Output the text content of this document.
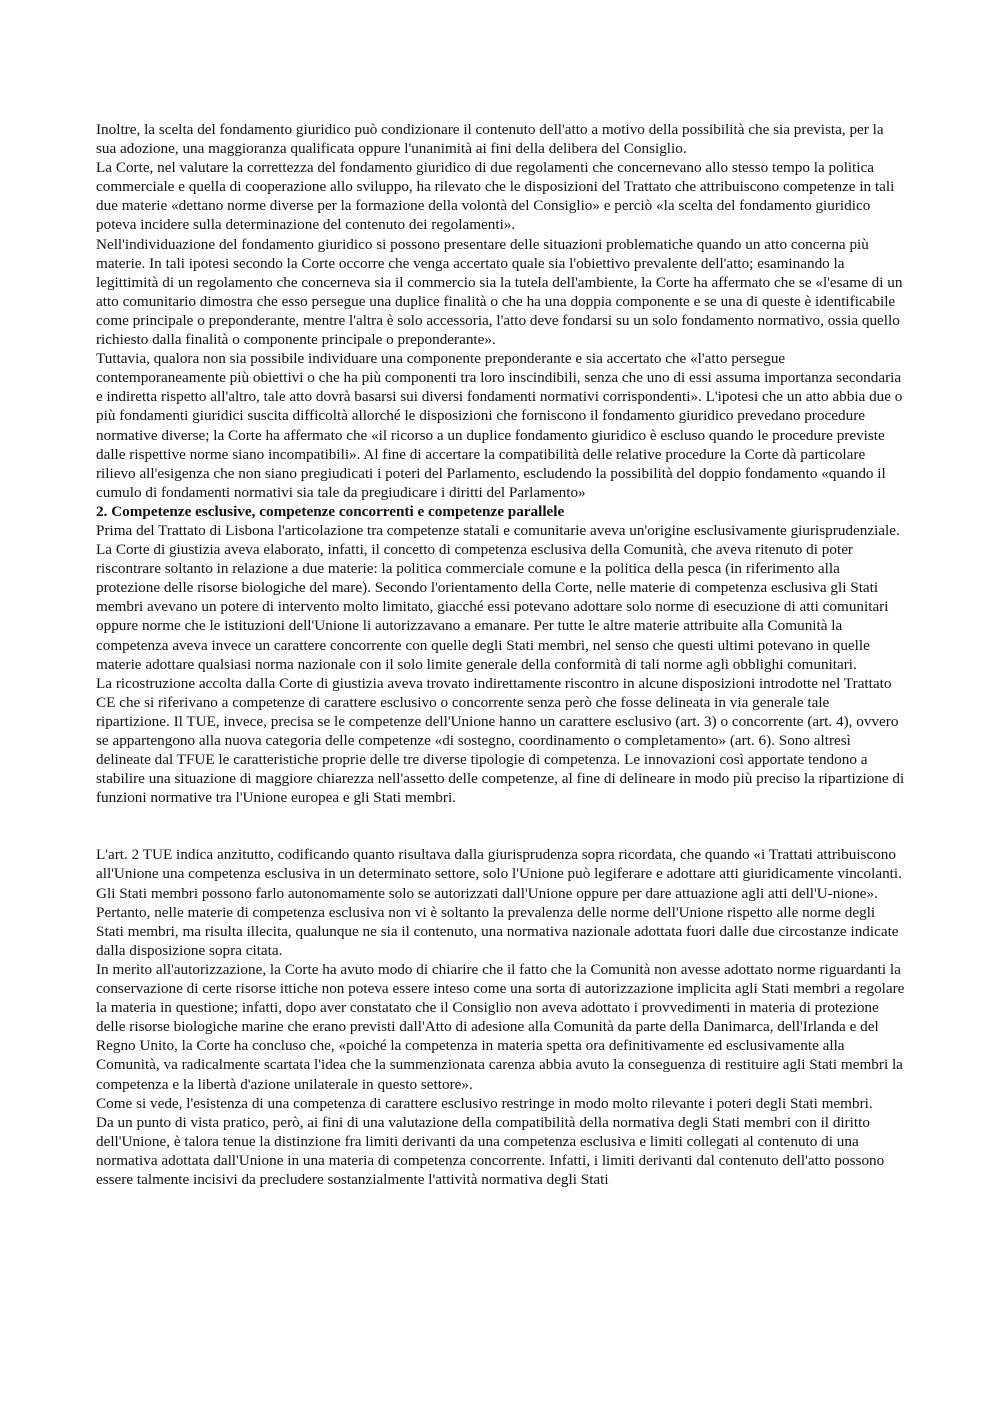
Inoltre, la scelta del fondamento giuridico può condizionare il contenuto dell'atto a motivo della possibilità che sia prevista, per la sua adozione, una maggioranza qualificata oppure l'unanimità ai fini della delibera del Consiglio.

La Corte, nel valutare la correttezza del fondamento giuridico di due regolamenti che concernevano allo stesso tempo la politica commerciale e quella di cooperazione allo sviluppo, ha rilevato che le disposizioni del Trattato che attribuiscono competenze in tali due materie «dettano norme diverse per la formazione della volontà del Consiglio» e perciò «la scelta del fondamento giuridico poteva incidere sulla determinazione del contenuto dei regolamenti».

Nell'individuazione del fondamento giuridico si possono presentare delle situazioni problematiche quando un atto concerna più materie. In tali ipotesi secondo la Corte occorre che venga accertato quale sia l'obiettivo prevalente dell'atto; esaminando la legittimità di un regolamento che concerneva sia il commercio sia la tutela dell'ambiente, la Corte ha affermato che se «l'esame di un atto comunitario dimostra che esso persegue una duplice finalità o che ha una doppia componente e se una di queste è identificabile come principale o preponderante, mentre l'altra è solo accessoria, l'atto deve fondarsi su un solo fondamento normativo, ossia quello richiesto dalla finalità o componente principale o preponderante».

Tuttavia, qualora non sia possibile individuare una componente preponderante e sia accertato che «l'atto persegue contemporaneamente più obiettivi o che ha più componenti tra loro inscindibili, senza che uno di essi assuma importanza secondaria e indiretta rispetto all'altro, tale atto dovrà basarsi sui diversi fondamenti normativi corrispondenti». L'ipotesi che un atto abbia due o più fondamenti giuridici suscita difficoltà allorché le disposizioni che forniscono il fondamento giuridico prevedano procedure normative diverse; la Corte ha affermato che «il ricorso a un duplice fondamento giuridico è escluso quando le procedure previste dalle rispettive norme siano incompatibili». Al fine di accertare la compatibilità delle relative procedure la Corte dà particolare rilievo all'esigenza che non siano pregiudicati i poteri del Parlamento, escludendo la possibilità del doppio fondamento «quando il cumulo di fondamenti normativi sia tale da pregiudicare i diritti del Parlamento»

2. Competenze esclusive, competenze concorrenti e competenze parallele

Prima del Trattato di Lisbona l'articolazione tra competenze statali e comunitarie aveva un'origine esclusivamente giurisprudenziale. La Corte di giustizia aveva elaborato, infatti, il concetto di competenza esclusiva della Comunità, che aveva ritenuto di poter riscontrare soltanto in relazione a due materie: la politica commerciale comune e la politica della pesca (in riferimento alla protezione delle risorse biologiche del mare). Secondo l'orientamento della Corte, nelle materie di competenza esclusiva gli Stati membri avevano un potere di intervento molto limitato, giacché essi potevano adottare solo norme di esecuzione di atti comunitari oppure norme che le istituzioni dell'Unione li autorizzavano a emanare. Per tutte le altre materie attribuite alla Comunità la competenza aveva invece un carattere concorrente con quelle degli Stati membri, nel senso che questi ultimi potevano in quelle materie adottare qualsiasi norma nazionale con il solo limite generale della conformità di tali norme agli obblighi comunitari.

La ricostruzione accolta dalla Corte di giustizia aveva trovato indirettamente riscontro in alcune disposizioni introdotte nel Trattato CE che si riferivano a competenze di carattere esclusivo o concorrente senza però che fosse delineata in via generale tale ripartizione. Il TUE, invece, precisa se le competenze dell'Unione hanno un carattere esclusivo (art. 3) o concorrente (art. 4), ovvero se appartengono alla nuova categoria delle competenze «di sostegno, coordinamento o completamento» (art. 6). Sono altresì delineate dal TFUE le caratteristiche proprie delle tre diverse tipologie di competenza. Le innovazioni così apportate tendono a stabilire una situazione di maggiore chiarezza nell'assetto delle competenze, al fine di delineare in modo più preciso la ripartizione di funzioni normative tra l'Unione europea e gli Stati membri.

L'art. 2 TUE indica anzitutto, codificando quanto risultava dalla giurisprudenza sopra ricordata, che quando «i Trattati attribuiscono all'Unione una competenza esclusiva in un determinato settore, solo l'Unione può legiferare e adottare atti giuridicamente vincolanti. Gli Stati membri possono farlo autonomamente solo se autorizzati dall'Unione oppure per dare attuazione agli atti dell'U-nione». Pertanto, nelle materie di competenza esclusiva non vi è soltanto la prevalenza delle norme dell'Unione rispetto alle norme degli Stati membri, ma risulta illecita, qualunque ne sia il contenuto, una normativa nazionale adottata fuori dalle due circostanze indicate dalla disposizione sopra citata.

In merito all'autorizzazione, la Corte ha avuto modo di chiarire che il fatto che la Comunità non avesse adottato norme riguardanti la conservazione di certe risorse ittiche non poteva essere inteso come una sorta di autorizzazione implicita agli Stati membri a regolare la materia in questione; infatti, dopo aver constatato che il Consiglio non aveva adottato i provvedimenti in materia di protezione delle risorse biologiche marine che erano previsti dall'Atto di adesione alla Comunità da parte della Danimarca, dell'Irlanda e del Regno Unito, la Corte ha concluso che, «poiché la competenza in materia spetta ora definitivamente ed esclusivamente alla Comunità, va radicalmente scartata l'idea che la summenzionata carenza abbia avuto la conseguenza di restituire agli Stati membri la competenza e la libertà d'azione unilaterale in questo settore».

Come si vede, l'esistenza di una competenza di carattere esclusivo restringe in modo molto rilevante i poteri degli Stati membri.

Da un punto di vista pratico, però, ai fini di una valutazione della compatibilità della normativa degli Stati membri con il diritto dell'Unione, è talora tenue la distinzione fra limiti derivanti da una competenza esclusiva e limiti collegati al contenuto di una normativa adottata dall'Unione in una materia di competenza concorrente. Infatti, i limiti derivanti dal contenuto dell'atto possono essere talmente incisivi da precludere sostanzialmente l'attività normativa degli Stati
